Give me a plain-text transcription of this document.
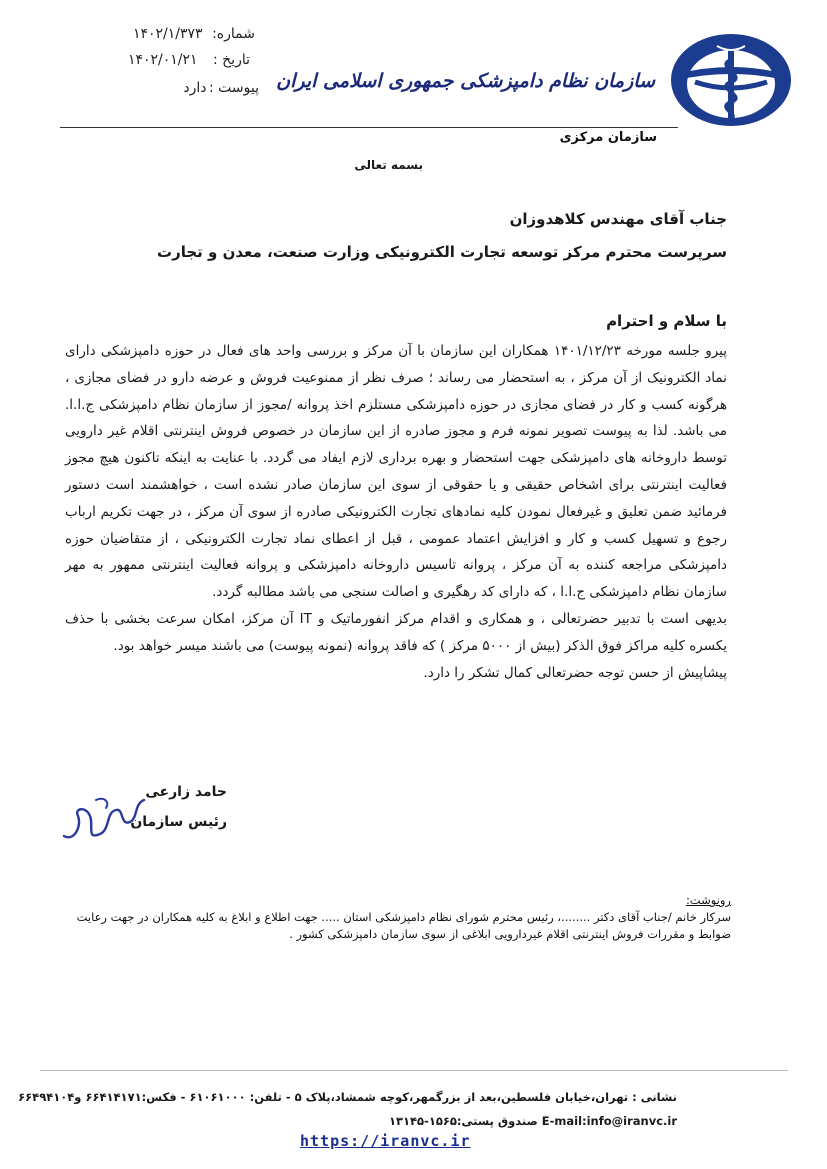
سازمان نظام دامپزشکی جمهوری اسلامی ایران
سازمان مرکزی
شماره: ۱۴۰۲/۱/۳۷۳
تاریخ : ۱۴۰۲/۰۱/۲۱
پیوست : دارد
بسمه تعالی
جناب آقای مهندس کلاهدوزان
سرپرست محترم مرکز توسعه تجارت الکترونیکی وزارت صنعت، معدن و تجارت
با سلام و احترام

پیرو جلسه مورخه ۱۴۰۱/۱۲/۲۳ همکاران این سازمان با آن مرکز و بررسی واحد های فعال در حوزه دامپزشکی دارای نماد الکترونیک از آن مرکز ، به استحضار می رساند ؛ صرف نظر از ممنوعیت فروش و عرضه دارو در فضای مجازی ، هرگونه کسب و کار در فضای مجازی در حوزه دامپزشکی مستلزم اخذ پروانه /مجوز از سازمان نظام دامپزشکی ج.ا.ا. می باشد. لذا به پیوست تصویر نمونه فرم و مجوز صادره از این سازمان در خصوص فروش اینترنتی اقلام غیر دارویی توسط داروخانه های دامپزشکی جهت استحضار و بهره برداری لازم ایفاد می گردد. با عنایت به اینکه تاکنون هیچ مجوز فعالیت اینترنتی برای اشخاص حقیقی و یا حقوقی از سوی این سازمان صادر نشده است ، خواهشمند است دستور فرمائید ضمن تعلیق و غیرفعال نمودن کلیه نمادهای تجارت الکترونیکی صادره از سوی آن مرکز ، در جهت تکریم ارباب رجوع و تسهیل کسب و کار و افزایش اعتماد عمومی ، قبل از اعطای نماد تجارت الکترونیکی ، از متقاضیان حوزه دامپزشکی مراجعه کننده به آن مرکز ، پروانه تاسیس داروخانه دامپزشکی و پروانه فعالیت اینترنتی ممهور به مهر سازمان نظام دامپزشکی ج.ا.ا ، که دارای کد رهگیری و اصالت سنجی می باشد مطالبه گردد.

بدیهی است با تدبیر حضرتعالی ، و همکاری و اقدام مرکز انفورماتیک و IT آن مرکز، امکان سرعت بخشی با حذف یکسره کلیه مراکز فوق الذکر (بیش از ۵۰۰۰ مرکز ) که فاقد پروانه (نمونه پیوست) می باشند میسر خواهد بود.

پیشاپیش از حسن توجه حضرتعالی کمال تشکر را دارد.

حامد زارعی
رئیس سازمان
رونوشت:
سرکار خانم /جناب آقای دکتر ........، رئیس محترم شورای نظام دامپزشکی استان ..... جهت اطلاع و ابلاغ به کلیه همکاران در جهت رعایت ضوابط و مقررات فروش اینترنتی اقلام غیردارویی ابلاغی از سوی سازمان دامپزشکی کشور .
نشانی : تهران،خیابان فلسطین،بعد از بزرگمهر،کوچه شمشاد،پلاک ۵ - تلفن: ۶۱۰۶۱۰۰۰ - فکس:۶۶۴۱۴۱۷۱ و۶۶۴۹۴۱۰۴
E-mail:info@iranvc.ir صندوق پستی:۱۵۶۵-۱۳۱۴۵
https://iranvc.ir
